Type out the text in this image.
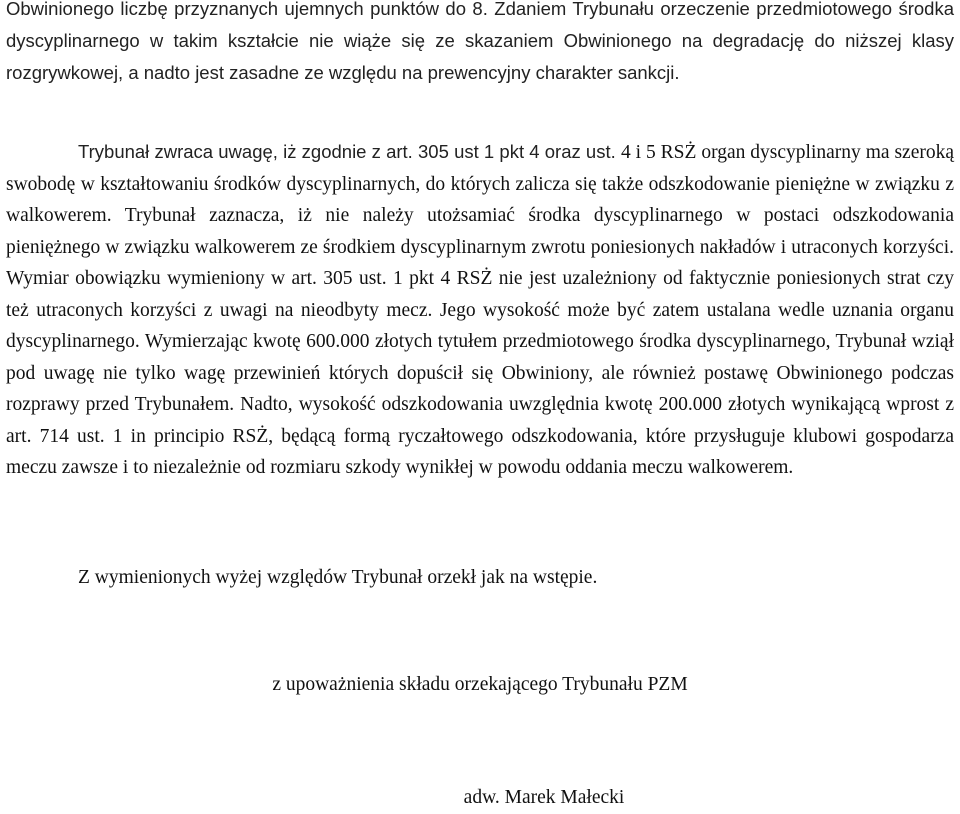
Obwinionego liczbę przyznanych ujemnych punktów do 8. Zdaniem Trybunału orzeczenie przedmiotowego środka dyscyplinarnego w takim kształcie nie wiąże się ze skazaniem Obwinionego na degradację do niższej klasy rozgrywkowej, a nadto jest zasadne ze względu na prewencyjny charakter sankcji.

Trybunał zwraca uwagę, iż zgodnie z art. 305 ust 1 pkt 4 oraz ust. 4 i 5 RSŻ organ dyscyplinarny ma szeroką swobodę w kształtowaniu środków dyscyplinarnych, do których zalicza się także odszkodowanie pieniężne w związku z walkowerem. Trybunał zaznacza, iż nie należy utożsamiać środka dyscyplinarnego w postaci odszkodowania pieniężnego w związku walkowerem ze środkiem dyscyplinarnym zwrotu poniesionych nakładów i utraconych korzyści. Wymiar obowiązku wymieniony w art. 305 ust. 1 pkt 4 RSŻ nie jest uzależniony od faktycznie poniesionych strat czy też utraconych korzyści z uwagi na nieodbyty mecz. Jego wysokość może być zatem ustalana wedle uznania organu dyscyplinarnego. Wymierzając kwotę 600.000 złotych tytułem przedmiotowego środka dyscyplinarnego, Trybunał wziął pod uwagę nie tylko wagę przewinień których dopuścił się Obwiniony, ale również postawę Obwinionego podczas rozprawy przed Trybunałem. Nadto, wysokość odszkodowania uwzględnia kwotę 200.000 złotych wynikającą wprost z art. 714 ust. 1 in principio RSŻ, będącą formą ryczałtowego odszkodowania, które przysługuje klubowi gospodarza meczu zawsze i to niezależnie od rozmiaru szkody wynikłej w powodu oddania meczu walkowerem.

Z wymienionych wyżej względów Trybunał orzekł jak na wstępie.

z upoważnienia składu orzekającego Trybunału PZM

adw. Marek Małecki
